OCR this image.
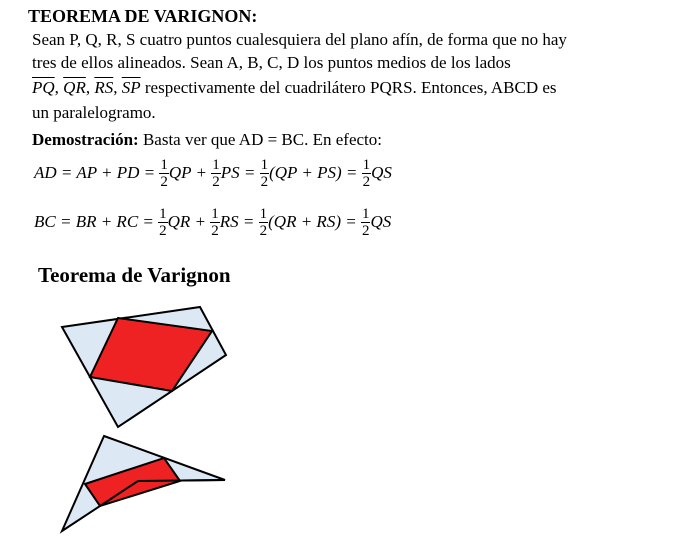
TEOREMA DE VARIGNON:
Sean P, Q, R, S cuatro puntos cualesquiera del plano afín, de forma que no hay
tres de ellos alineados. Sean A, B, C, D los puntos medios de los lados
$\overline{PQ}$, $\overline{QR}$, $\overline{RS}$, $\overline{SP}$ respectivamente del cuadrilátero PQRS. Entonces, ABCD es
un paralelogramo.
Demostración: Basta ver que AD = BC. En efecto:
AD = AP + PD = $\frac{1}{2}$ QP + $\frac{1}{2}$ PS = $\frac{1}{2} (QP + PS) = \frac{1}{2}$ QS
BC = BR + RC = $\frac{1}{2}$ QR + $\frac{1}{2}$ RS = $\frac{1}{2} (QR + RS) = \frac{1}{2}$ QS
Teorema de Varignon
